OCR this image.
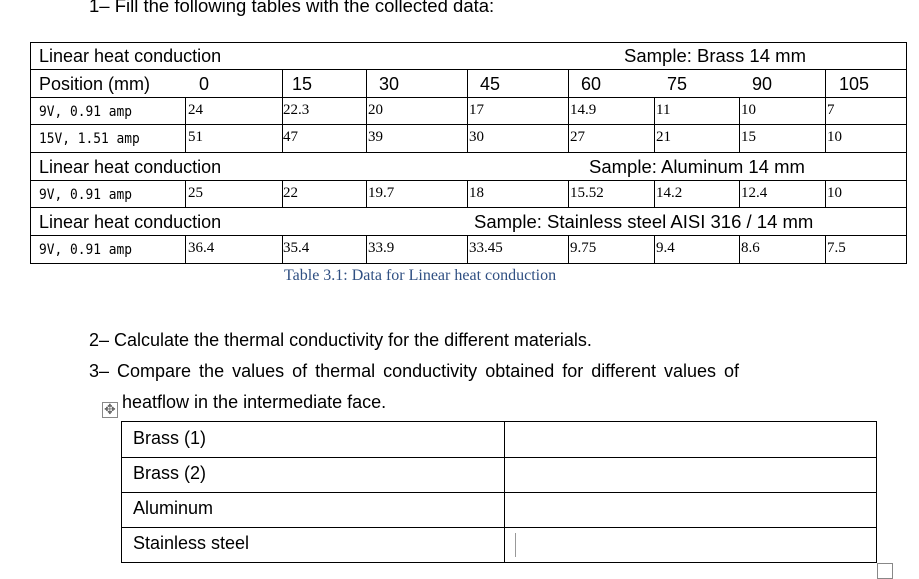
1– Fill the following tables with the collected data:
Linear heat conduction	Sample: Brass 14 mm
Position (mm)	0	15	30	45	60	75	90	105
9V, 0.91 amp	24	22.3	20	17	14.9	11	10	7
15V, 1.51 amp	51	47	39	30	27	21	15	10
Linear heat conduction	Sample: Aluminum 14 mm
9V, 0.91 amp	25	22	19.7	18	15.52	14.2	12.4	10
Linear heat conduction	Sample: Stainless steel AISI 316 / 14 mm
9V, 0.91 amp	36.4	35.4	33.9	33.45	9.75	9.4	8.6	7.5
Table 3.1: Data for Linear heat conduction
2– Calculate the thermal conductivity for the different materials.
3– Compare the values of thermal conductivity obtained for different values of
heatflow in the intermediate face.
✥
Brass (1)
Brass (2)
Aluminum
Stainless steel
